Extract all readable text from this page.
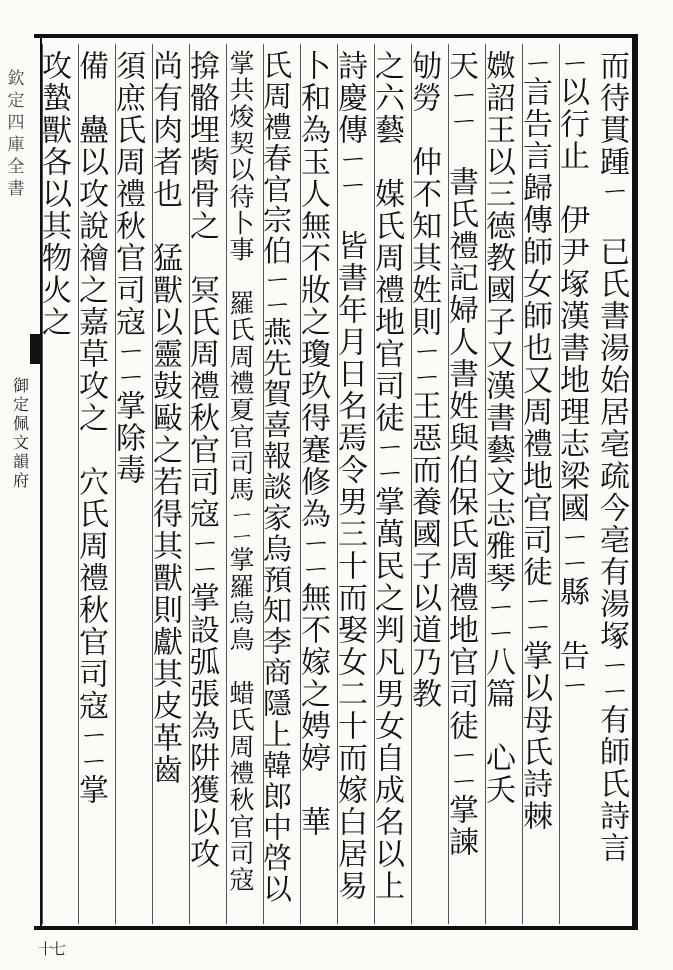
欽定四庫全書
御定佩文韻府
十七
而待貫踵ㄧ　已氏書湯始居亳疏今亳有湯塚ㄧㄧ有師氏詩言
ㄧ以行止　伊尹塚漢書地理志梁國ㄧㄧ縣　告ㄧ
ㄧ言告言歸傳師女師也又周禮地官司徒ㄧㄧ掌以母氏詩棘
媺詔王以三德教國子又漢書藝文志雅琴ㄧㄧ八篇　心夭
天ㄧㄧ　書氏禮記婦人書姓與伯保氏周禮地官司徒ㄧㄧ掌諫
劬勞　仲不知其姓則ㄧㄧ王惡而養國子以道乃教
之六藝　媒氏周禮地官司徒ㄧㄧ掌萬民之判凡男女自成名以上
詩慶傳ㄧㄧ　皆書年月日名焉令男三十而娶女二十而嫁白居易
卜和為玉人無不妝之瓊玖得蹇修為ㄧㄧ無不嫁之娉婷　華
氏周禮春官宗伯ㄧㄧ燕先賀喜報談家烏預知李商隱上韓郎中啓以
掌共焌契以待卜事　羅氏周禮夏官司馬ㄧㄧ掌羅烏鳥　蜡氏周禮秋官司寇
揜骼埋胔骨之　冥氏周禮秋官司寇ㄧㄧ掌設弧張為阱獲以攻
尚有肉者也　猛獸以靈鼓敺之若得其獸則獻其皮革齒
須庶氏周禮秋官司寇ㄧㄧ掌除毒
備　蠱以攻說禬之嘉草攻之　穴氏周禮秋官司寇ㄧㄧ掌
攻蟄獸各以其物火之
